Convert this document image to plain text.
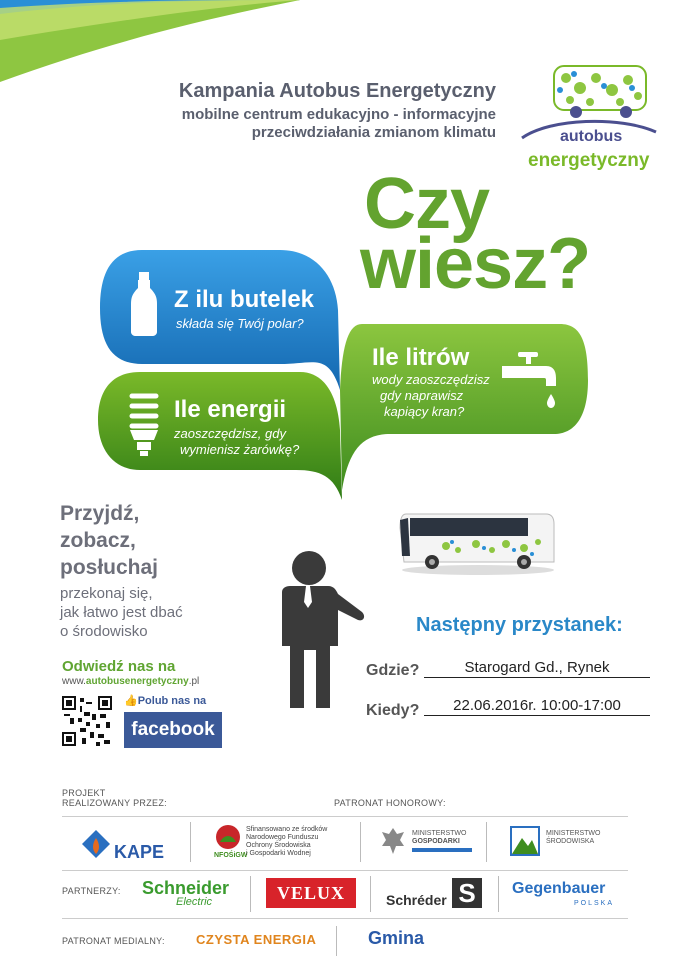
Kampania Autobus Energetyczny
mobilne centrum edukacyjno - informacyjne
przeciwdziałania zmianom klimatu	autobus
energetyczny
Czy
wiesz?
Z ilu butelek
składa się Twój polar?
Ile litrów
wody zaoszczędzisz
gdy naprawisz
kapiący kran?
Ile energii
zaoszczędzisz, gdy
wymienisz żarówkę?
Przyjdź,
zobacz,
posłuchaj
przekonaj się,
jak łatwo jest dbać
o środowisko
Odwiedź nas na
www.autobusenergetyczny.pl
👍Polub nas na
facebook
Następny przystanek:
Gdzie?	Starogard Gd., Rynek
Kiedy?	22.06.2016r. 10:00-17:00
PROJEKT
REALIZOWANY PRZEZ:	PATRONAT HONOROWY:
KAPE	NFOŚiGW
Sfinansowano ze środków
Narodowego Funduszu
Ochrony Środowiska
i Gospodarki Wodnej
MINISTERSTWO
GOSPODARKI
MINISTERSTWO
ŚRODOWISKA
PARTNERZY: Schneider
Electric	VELUX	Schréder S	Gegenbauer
POLSKA
PATRONAT MEDIALNY: CZYSTA ENERGIA	Gmina
